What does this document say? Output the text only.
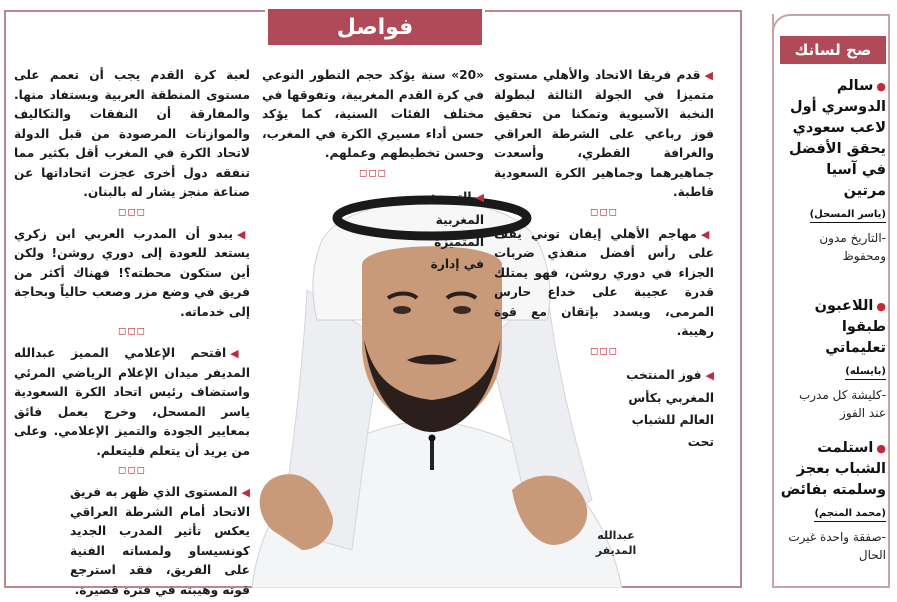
فواصل
عبدالله
المديفر

◀قدم فريقا الاتحاد والأهلي مستوى متميزا في الجولة الثالثة لبطولة النخبة الآسيوية وتمكنا من تحقيق فوز رباعي على الشرطة العراقي والغرافة القطري، وأسعدت جماهيرهما وجماهير الكرة السعودية قاطبة.

◻◻◻

◀مهاجم الأهلي إيفان توني يقف على رأس أفضل منفذي ضربات الجزاء في دوري روشن، فهو يمتلك قدرة عجيبة على خداع حارس المرمى، ويسدد بإتقان مع قوة رهيبة.

◻◻◻

◀فوز المنتخب المغربي بكأس العالم للشباب تحت

«20» سنة يؤكد حجم التطور النوعي في كرة القدم المغربية، وتفوقها في مختلف الفئات السنية، كما يؤكد حسن أداء مسيري الكرة في المغرب، وحسن تخطيطهم وعملهم.

◻◻◻

◀التجربة المغربية المتميزة في إدارة

لعبة كرة القدم يجب أن تعمم على مستوى المنطقة العربية ويستفاد منها. والمفارقة أن النفقات والتكاليف والموازنات المرصودة من قبل الدولة لاتحاد الكرة في المغرب أقل بكثير مما تنفقه دول أخرى عجزت اتحاداتها عن صناعة منجز يشار له بالبنان.

◻◻◻

◀يبدو أن المدرب العربي ابن زكري يستعد للعودة إلى دوري روشن! ولكن أين ستكون محطته؟! فهناك أكثر من فريق في وضع مزر وصعب حالياً وبحاجة إلى خدماته.

◻◻◻

◀اقتحم الإعلامي المميز عبدالله المديفر ميدان الإعلام الرياضي المرئي واستضاف رئيس اتحاد الكرة السعودية ياسر المسحل، وخرج بعمل فائق بمعايير الجودة والتميز الإعلامي. وعلى من يريد أن يتعلم فليتعلم.

◻◻◻

◀المستوى الذي ظهر به فريق الاتحاد أمام الشرطة العراقي يعكس تأثير المدرب الجديد كونسيساو ولمساته الفنية على الفريق، فقد استرجع قوته وهيبته في فترة قصيرة.

صح لسانك
●سالم الدوسري أول لاعب سعودي يحقق الأفضل في آسيا مرتين
(ياسر المسحل)
-التاريخ مدون ومحفوظ
●اللاعبون طبقوا تعليماتي
(بايسله)
-كليشة كل مدرب عند الفوز
●استلمت الشباب بعجز وسلمته بفائض
(محمد المنجم)
-صفقة واحدة غيرت الحال
